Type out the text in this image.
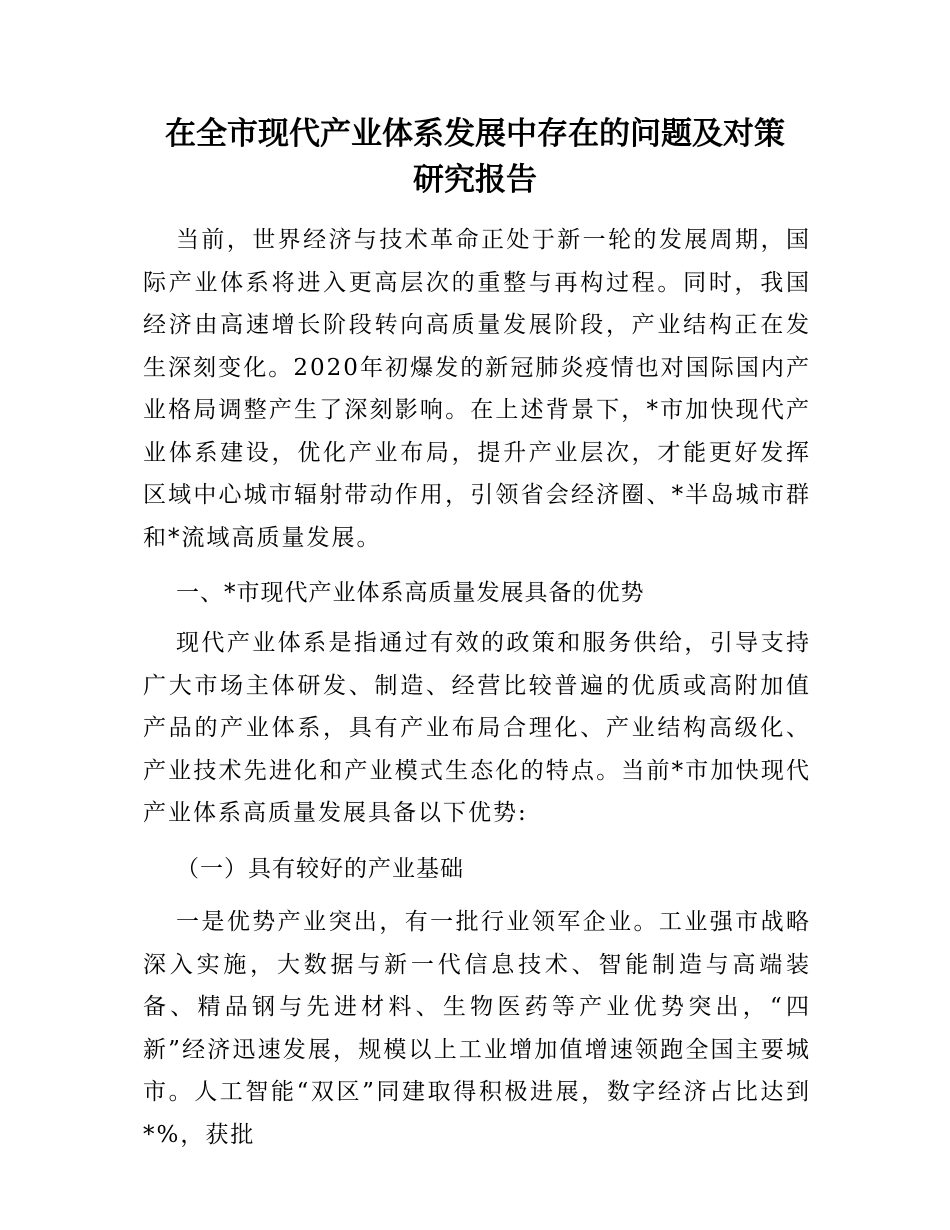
在全市现代产业体系发展中存在的问题及对策
研究报告

当前，世界经济与技术革命正处于新一轮的发展周期，国际产业体系将进入更高层次的重整与再构过程。同时，我国经济由高速增长阶段转向高质量发展阶段，产业结构正在发生深刻变化。2020年初爆发的新冠肺炎疫情也对国际国内产业格局调整产生了深刻影响。在上述背景下，*市加快现代产业体系建设，优化产业布局，提升产业层次，才能更好发挥区域中心城市辐射带动作用，引领省会经济圈、*半岛城市群和*流域高质量发展。

一、*市现代产业体系高质量发展具备的优势

现代产业体系是指通过有效的政策和服务供给，引导支持广大市场主体研发、制造、经营比较普遍的优质或高附加值产品的产业体系，具有产业布局合理化、产业结构高级化、产业技术先进化和产业模式生态化的特点。当前*市加快现代产业体系高质量发展具备以下优势:

（一）具有较好的产业基础

一是优势产业突出，有一批行业领军企业。工业强市战略深入实施，大数据与新一代信息技术、智能制造与高端装备、精品钢与先进材料、生物医药等产业优势突出，“四新”经济迅速发展，规模以上工业增加值增速领跑全国主要城市。人工智能“双区”同建取得积极进展，数字经济占比达到*%，获批
